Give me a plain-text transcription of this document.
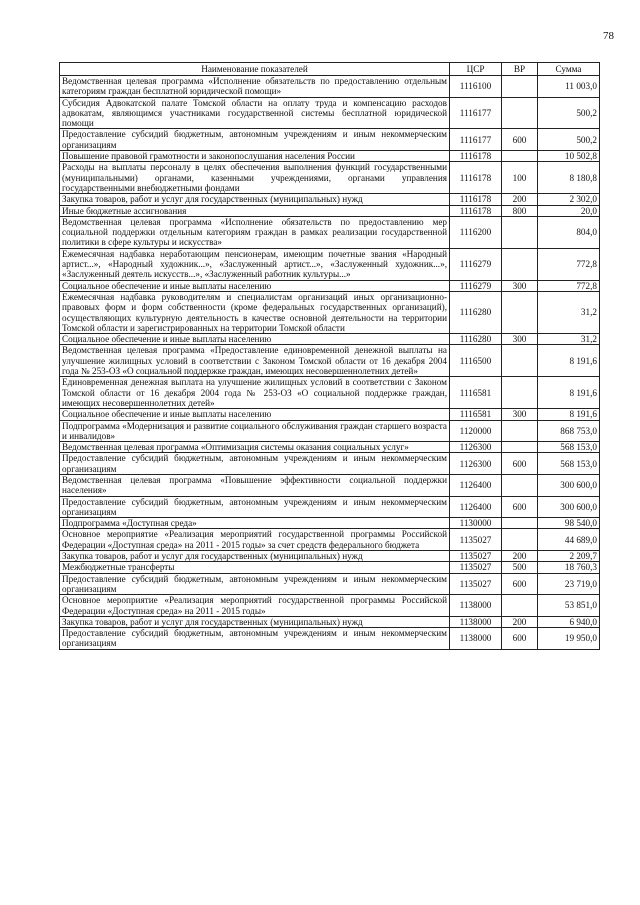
78
Наименование показателей	ЦСР	ВР	Сумма
Ведомственная целевая программа «Исполнение обязательств по предоставлению отдельным категориям граждан бесплатной юридической помощи»	1116100		11 003,0
Субсидия Адвокатской палате Томской области на оплату труда и компенсацию расходов адвокатам, являющимся участниками государственной системы бесплатной юридической помощи	1116177		500,2
Предоставление субсидий бюджетным, автономным учреждениям и иным некоммерческим организациям	1116177	600	500,2
Повышение правовой грамотности и законопослушания населения России	1116178		10 502,8
Расходы на выплаты персоналу в целях обеспечения выполнения функций государственными (муниципальными) органами, казенными учреждениями, органами управления государственными внебюджетными фондами	1116178	100	8 180,8
Закупка товаров, работ и услуг для государственных (муниципальных) нужд	1116178	200	2 302,0
Иные бюджетные ассигнования	1116178	800	20,0
Ведомственная целевая программа «Исполнение обязательств по предоставлению мер социальной поддержки отдельным категориям граждан в рамках реализации государственной политики в сфере культуры и искусства»	1116200		804,0
Ежемесячная надбавка неработающим пенсионерам, имеющим почетные звания «Народный артист...», «Народный художник...», «Заслуженный артист...», «Заслуженный художник...», «Заслуженный деятель искусств...», «Заслуженный работник культуры...»	1116279		772,8
Социальное обеспечение и иные выплаты населению	1116279	300	772,8
Ежемесячная надбавка руководителям и специалистам организаций иных организационно-правовых форм и форм собственности (кроме федеральных государственных организаций), осуществляющих культурную деятельность в качестве основной деятельности на территории Томской области и зарегистрированных на территории Томской области	1116280		31,2
Социальное обеспечение и иные выплаты населению	1116280	300	31,2
Ведомственная целевая программа «Предоставление единовременной денежной выплаты на улучшение жилищных условий в соответствии с Законом Томской области от 16 декабря 2004 года № 253-ОЗ «О социальной поддержке граждан, имеющих несовершеннолетних детей»	1116500		8 191,6
Единовременная денежная выплата на улучшение жилищных условий в соответствии с Законом Томской области от 16 декабря 2004 года № 253-ОЗ «О социальной поддержке граждан, имеющих несовершеннолетних детей»	1116581		8 191,6
Социальное обеспечение и иные выплаты населению	1116581	300	8 191,6
Подпрограмма «Модернизация и развитие социального обслуживания граждан старшего возраста и инвалидов»	1120000		868 753,0
Ведомственная целевая программа «Оптимизация системы оказания социальных услуг»	1126300		568 153,0
Предоставление субсидий бюджетным, автономным учреждениям и иным некоммерческим организациям	1126300	600	568 153,0
Ведомственная целевая программа «Повышение эффективности социальной поддержки населения»	1126400		300 600,0
Предоставление субсидий бюджетным, автономным учреждениям и иным некоммерческим организациям	1126400	600	300 600,0
Подпрограмма «Доступная среда»	1130000		98 540,0
Основное мероприятие «Реализация мероприятий государственной программы Российской Федерации «Доступная среда» на 2011 - 2015 годы» за счет средств федерального бюджета	1135027		44 689,0
Закупка товаров, работ и услуг для государственных (муниципальных) нужд	1135027	200	2 209,7
Межбюджетные трансферты	1135027	500	18 760,3
Предоставление субсидий бюджетным, автономным учреждениям и иным некоммерческим организациям	1135027	600	23 719,0
Основное мероприятие «Реализация мероприятий государственной программы Российской Федерации «Доступная среда» на 2011 - 2015 годы»	1138000		53 851,0
Закупка товаров, работ и услуг для государственных (муниципальных) нужд	1138000	200	6 940,0
Предоставление субсидий бюджетным, автономным учреждениям и иным некоммерческим организациям	1138000	600	19 950,0
